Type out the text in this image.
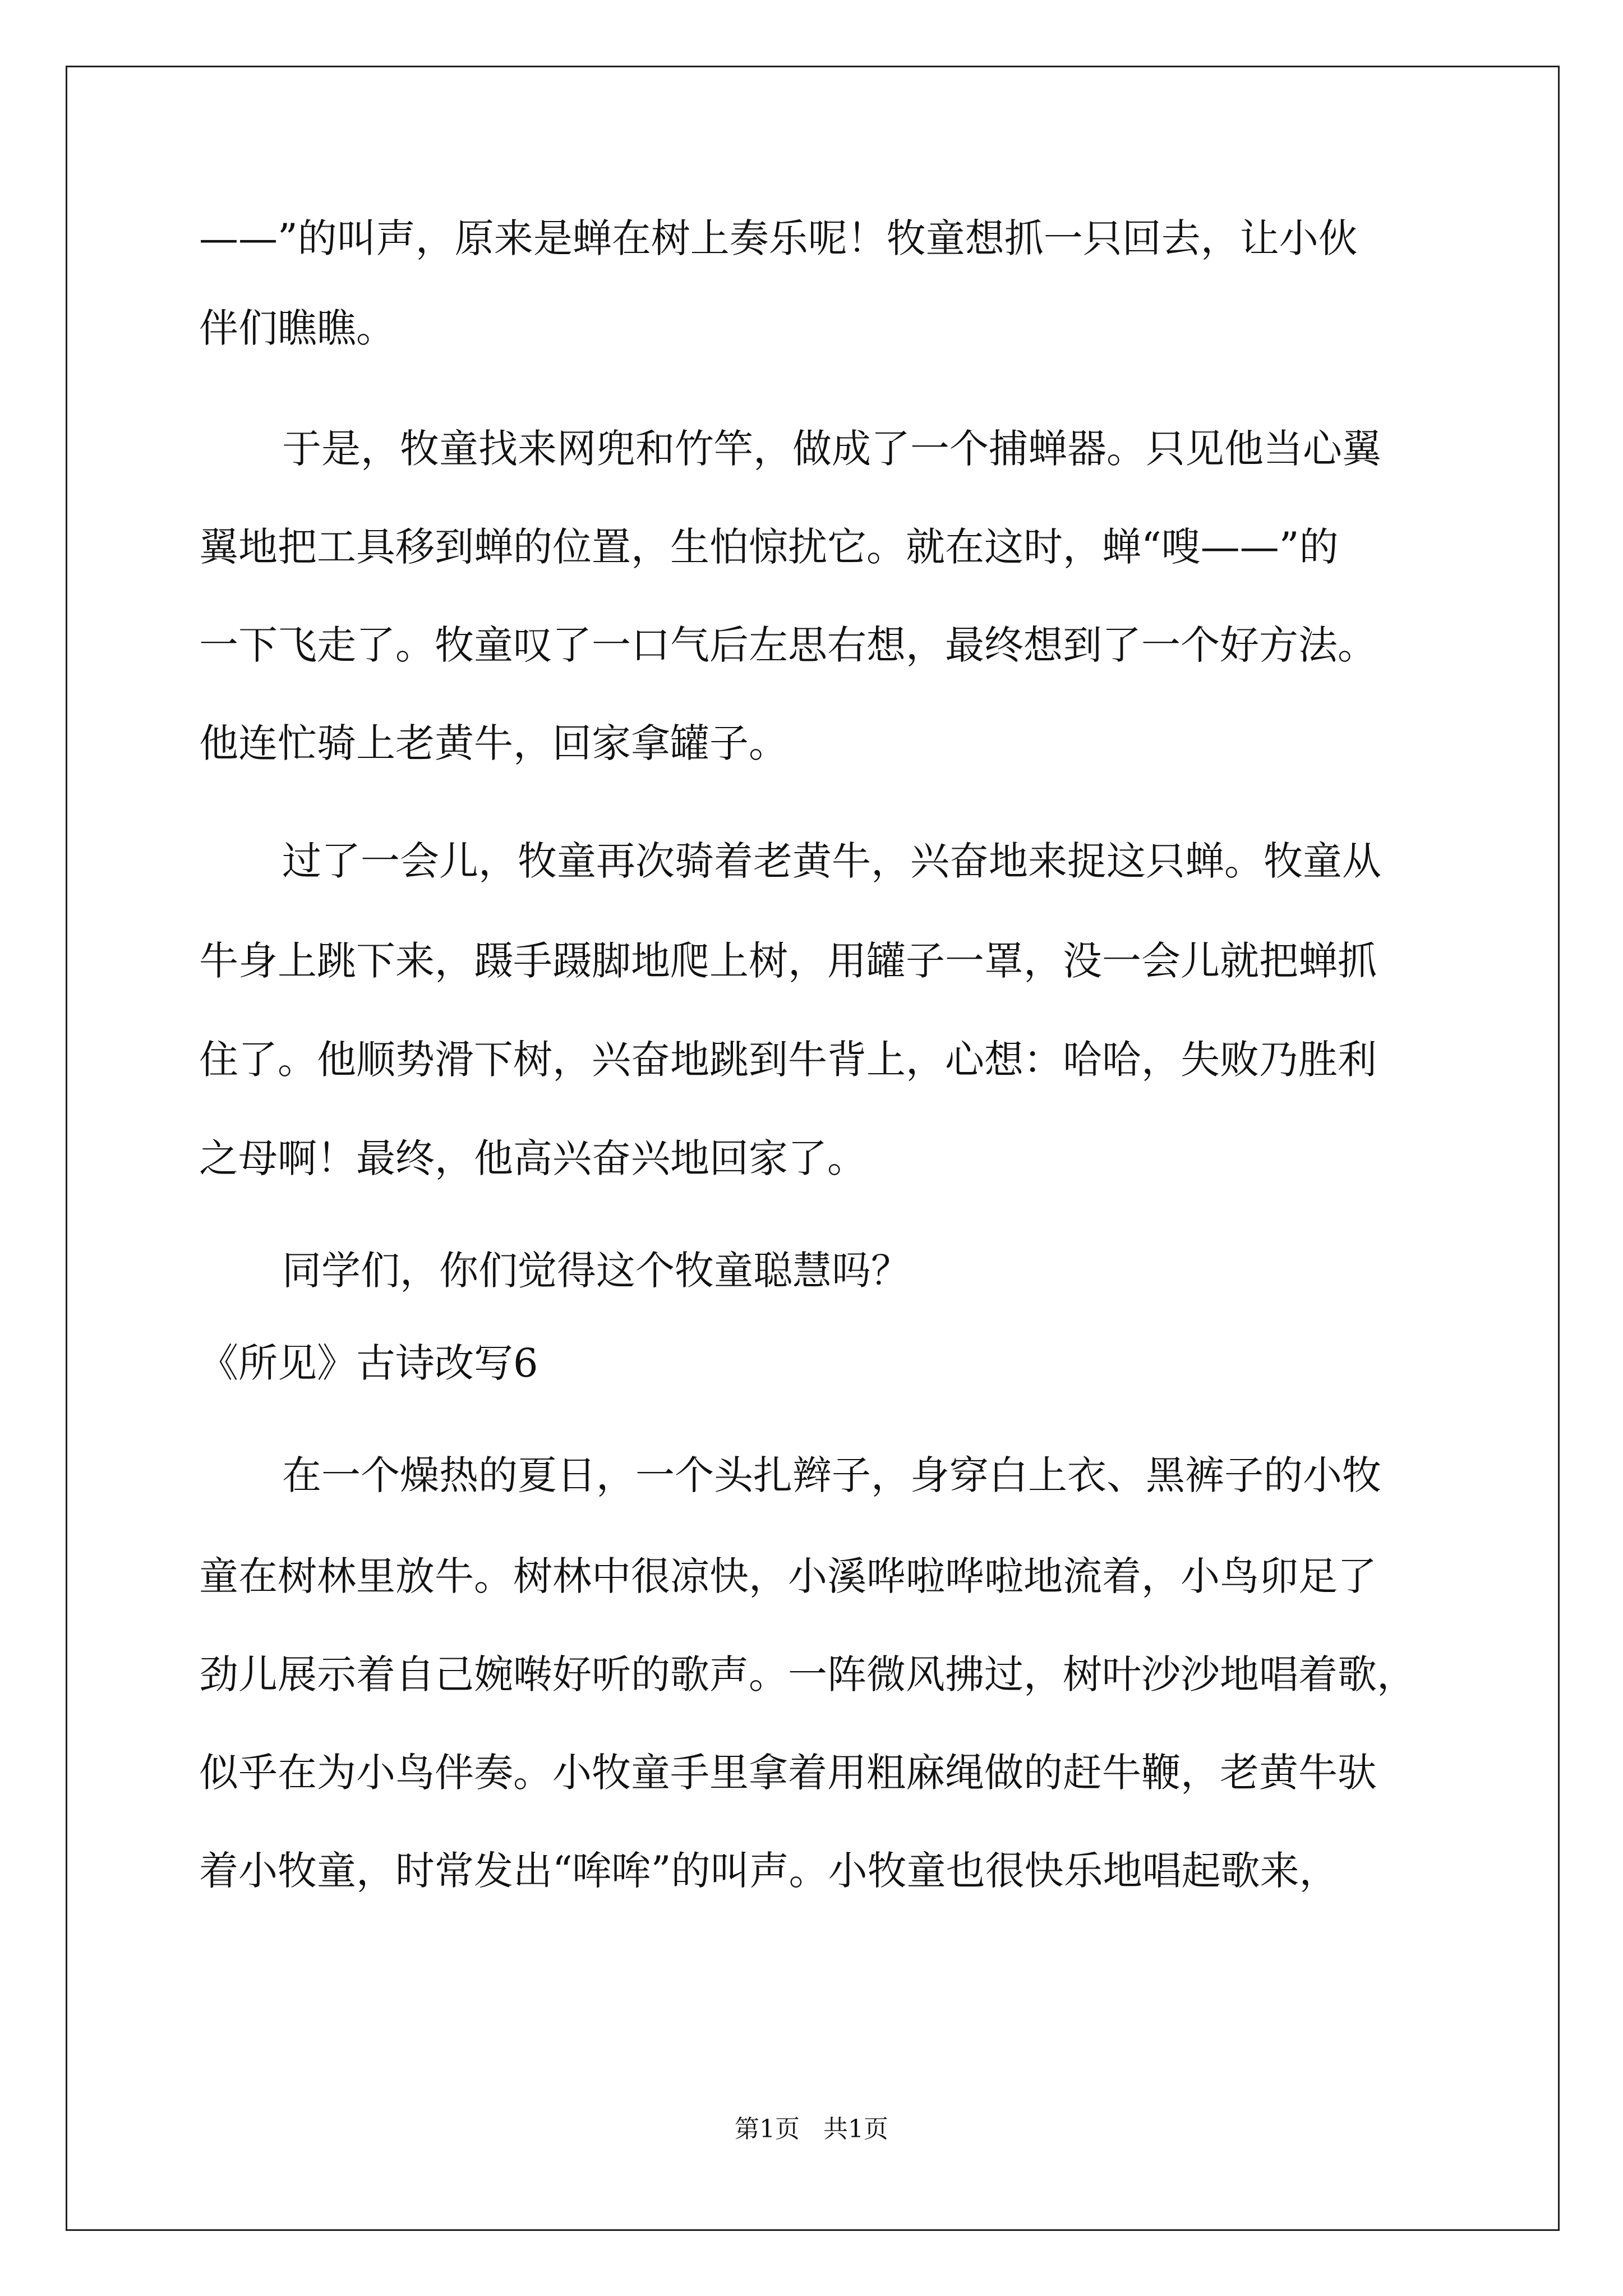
——”的叫声，原来是蝉在树上奏乐呢！牧童想抓一只回去，让小伙
伴们瞧瞧。
于是，牧童找来网兜和竹竿，做成了一个捕蝉器。只见他当心翼
翼地把工具移到蝉的位置，生怕惊扰它。就在这时，蝉“嗖——”的
一下飞走了。牧童叹了一口气后左思右想，最终想到了一个好方法。
他连忙骑上老黄牛，回家拿罐子。
过了一会儿，牧童再次骑着老黄牛，兴奋地来捉这只蝉。牧童从
牛身上跳下来，蹑手蹑脚地爬上树，用罐子一罩，没一会儿就把蝉抓
住了。他顺势滑下树，兴奋地跳到牛背上，心想：哈哈，失败乃胜利
之母啊！最终，他高兴奋兴地回家了。
同学们，你们觉得这个牧童聪慧吗？
《所见》古诗改写6
在一个燥热的夏日，一个头扎辫子，身穿白上衣、黑裤子的小牧
童在树林里放牛。树林中很凉快，小溪哗啦哗啦地流着，小鸟卯足了
劲儿展示着自己婉啭好听的歌声。一阵微风拂过，树叶沙沙地唱着歌，
似乎在为小鸟伴奏。小牧童手里拿着用粗麻绳做的赶牛鞭，老黄牛驮
着小牧童，时常发出“哞哞”的叫声。小牧童也很快乐地唱起歌来，
第1页 共1页
